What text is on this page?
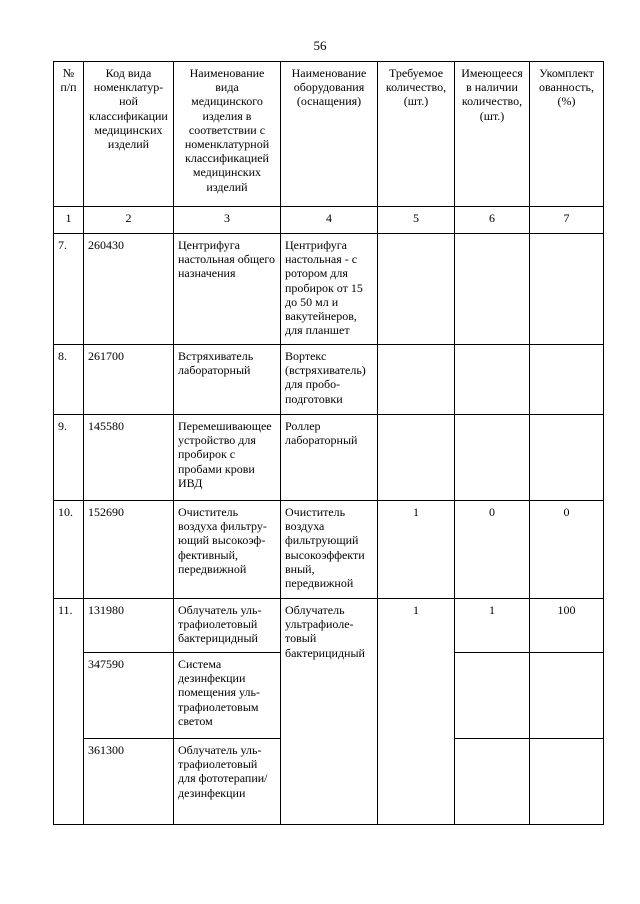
56
№ п/п	Код вида номенклатур-ной классификации медицинских изделий	Наименование вида медицинского изделия в соответствии с номенклатурной классификацией медицинских изделий	Наименование оборудования (оснащения)	Требуемое количество, (шт.)	Имеющееся в наличии количество, (шт.)	Укомплект ованность, (%)
1	2	3	4	5	6	7
7.	260430	Центрифуга настольная общего назначения	Центрифуга настольная - с ротором для пробирок от 15 до 50 мл и вакутейнеров, для планшет			
8.	261700	Встряхиватель лабораторный	Вортекс (встряхиватель) для пробо-подготовки			
9.	145580	Перемешивающее устройство для пробирок с пробами крови ИВД	Роллер лабораторный			
10.	152690	Очиститель воздуха фильтру-ющий высокоэф-фективный, передвижной	Очиститель воздуха фильтрующий высокоэффекти вный, передвижной	1	0	0
11.	131980	Облучатель уль-трафиолетовый бактерицидный	Облучатель ультрафиоле-товый бактерицидный	1	1	100
	347590	Система дезинфекции помещения уль-трафиолетовым светом				
	361300	Облучатель уль-трафиолетовый для фототерапии/дезинфекции				
